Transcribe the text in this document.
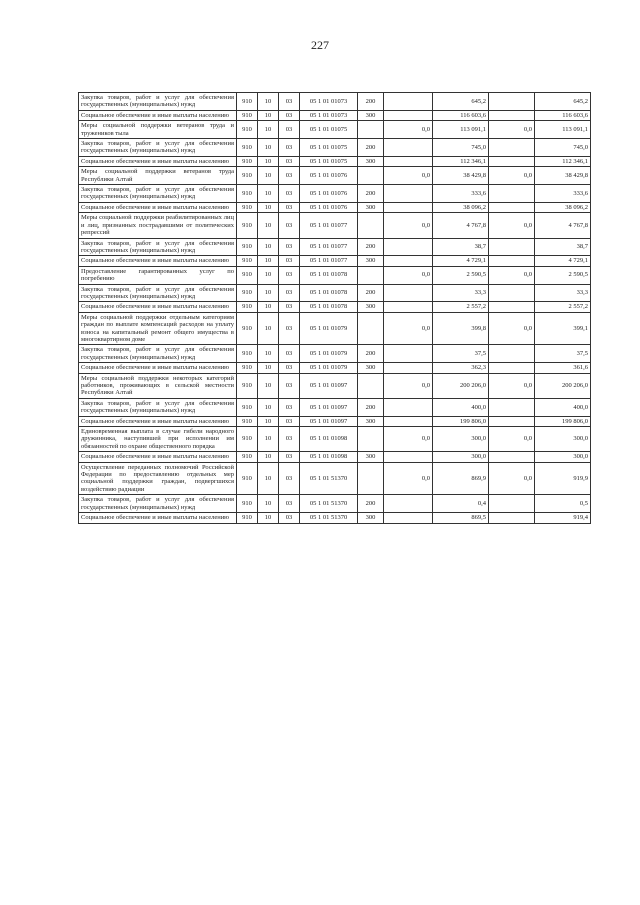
227
Закупка товаров, работ и услуг для обеспечения государственных (муниципальных) нужд	910	10	03	05 1 01 01073	200		645,2		645,2
Социальное обеспечение и иные выплаты населению	910	10	03	05 1 01 01073	300		116 603,6		116 603,6
Меры социальной поддержки ветеранов труда и тружеников тыла	910	10	03	05 1 01 01075		0,0	113 091,1	0,0	113 091,1
Закупка товаров, работ и услуг для обеспечения государственных (муниципальных) нужд	910	10	03	05 1 01 01075	200		745,0		745,0
Социальное обеспечение и иные выплаты населению	910	10	03	05 1 01 01075	300		112 346,1		112 346,1
Меры социальной поддержки ветеранов труда Республики Алтай	910	10	03	05 1 01 01076		0,0	38 429,8	0,0	38 429,8
Закупка товаров, работ и услуг для обеспечения государственных (муниципальных) нужд	910	10	03	05 1 01 01076	200		333,6		333,6
Социальное обеспечение и иные выплаты населению	910	10	03	05 1 01 01076	300		38 096,2		38 096,2
Меры социальной поддержки реабилитированных лиц и лиц, признанных пострадавшими от политических репрессий	910	10	03	05 1 01 01077		0,0	4 767,8	0,0	4 767,8
Закупка товаров, работ и услуг для обеспечения государственных (муниципальных) нужд	910	10	03	05 1 01 01077	200		38,7		38,7
Социальное обеспечение и иные выплаты населению	910	10	03	05 1 01 01077	300		4 729,1		4 729,1
Предоставление гарантированных услуг по погребению	910	10	03	05 1 01 01078		0,0	2 590,5	0,0	2 590,5
Закупка товаров, работ и услуг для обеспечения государственных (муниципальных) нужд	910	10	03	05 1 01 01078	200		33,3		33,3
Социальное обеспечение и иные выплаты населению	910	10	03	05 1 01 01078	300		2 557,2		2 557,2
Меры социальной поддержки отдельным категориям граждан по выплате компенсаций расходов на уплату взноса на капитальный ремонт общего имущества в многоквартирном доме	910	10	03	05 1 01 01079		0,0	399,8	0,0	399,1
Закупка товаров, работ и услуг для обеспечения государственных (муниципальных) нужд	910	10	03	05 1 01 01079	200		37,5		37,5
Социальное обеспечение и иные выплаты населению	910	10	03	05 1 01 01079	300		362,3		361,6
Меры социальной поддержки некоторых категорий работников, проживающих в сельской местности Республики Алтай	910	10	03	05 1 01 01097		0,0	200 206,0	0,0	200 206,0
Закупка товаров, работ и услуг для обеспечения государственных (муниципальных) нужд	910	10	03	05 1 01 01097	200		400,0		400,0
Социальное обеспечение и иные выплаты населению	910	10	03	05 1 01 01097	300		199 806,0		199 806,0
Единовременная выплата в случае гибели народного дружинника, наступившей при исполнении им обязанностей по охране общественного порядка	910	10	03	05 1 01 01098		0,0	300,0	0,0	300,0
Социальное обеспечение и иные выплаты населению	910	10	03	05 1 01 01098	300		300,0		300,0
Осуществление переданных полномочий Российской Федерации по предоставлению отдельных мер социальной поддержки граждан, подвергшихся воздействию радиации	910	10	03	05 1 01 51370		0,0	869,9	0,0	919,9
Закупка товаров, работ и услуг для обеспечения государственных (муниципальных) нужд	910	10	03	05 1 01 51370	200		0,4		0,5
Социальное обеспечение и иные выплаты населению	910	10	03	05 1 01 51370	300		869,5		919,4
